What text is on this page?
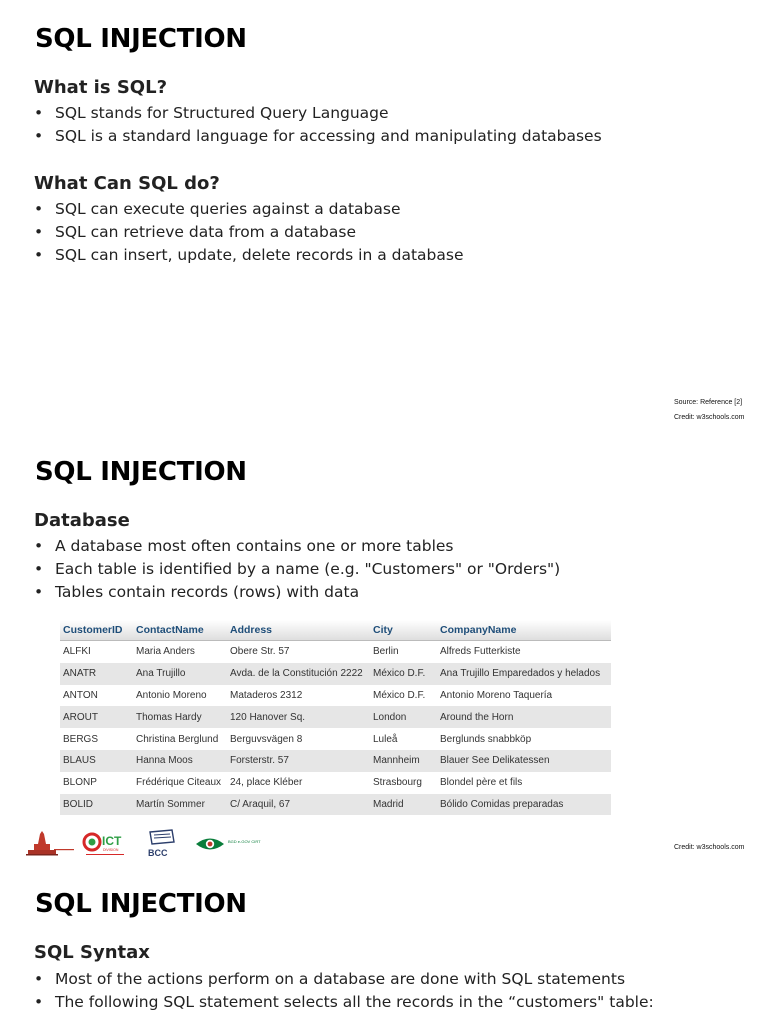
SQL INJECTION
What is SQL?
• SQL stands for Structured Query Language
• SQL is a standard language for accessing and manipulating databases
What Can SQL do?
• SQL can execute queries against a database
• SQL can retrieve data from a database
• SQL can insert, update, delete records in a database
Source: Reference [2]
Credit: w3schools.com
SQL INJECTION
Database
• A database most often contains one or more tables
• Each table is identified by a name (e.g. "Customers" or "Orders")
• Tables contain records (rows) with data
CustomerID	ContactName	Address	City	CompanyName
ALFKI	Maria Anders	Obere Str. 57	Berlin	Alfreds Futterkiste
ANATR	Ana Trujillo	Avda. de la Constitución 2222	México D.F.	Ana Trujillo Emparedados y helados
ANTON	Antonio Moreno	Mataderos 2312	México D.F.	Antonio Moreno Taquería
AROUT	Thomas Hardy	120 Hanover Sq.	London	Around the Horn
BERGS	Christina Berglund	Berguvsvägen 8	Luleå	Berglunds snabbköp
BLAUS	Hanna Moos	Forsterstr. 57	Mannheim	Blauer See Delikatessen
BLONP	Frédérique Citeaux	24, place Kléber	Strasbourg	Blondel père et fils
BOLID	Martín Sommer	C/ Araquil, 67	Madrid	Bólido Comidas preparadas
ICT
DIVISION	BCC
BGD e-GOV CIRT
Credit: w3schools.com
SQL INJECTION
SQL Syntax
• Most of the actions perform on a database are done with SQL statements
• The following SQL statement selects all the records in the “customers" table:
